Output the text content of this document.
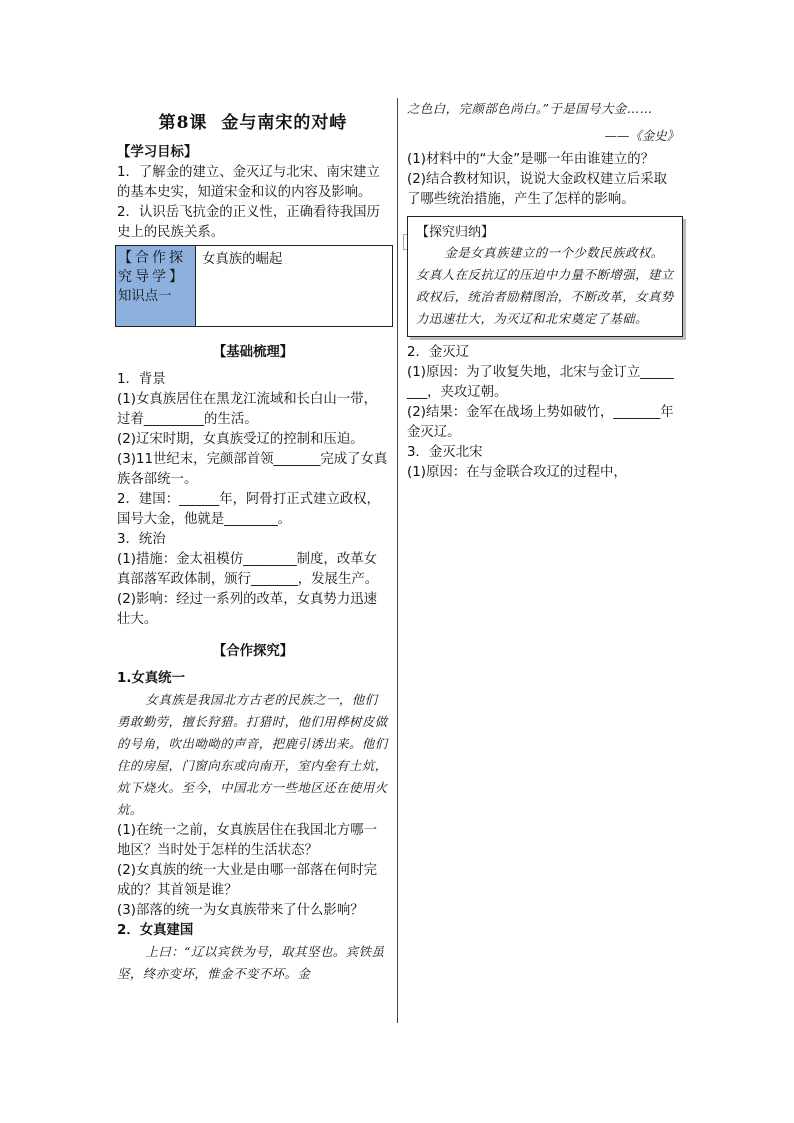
第8课 金与南宋的对峙

【学习目标】

1．了解金的建立、金灭辽与北宋、南宋建立的基本史实，知道宋金和议的内容及影响。

2．认识岳飞抗金的正义性，正确看待我国历史上的民族关系。

【合作探究导学】知识点一
女真族的崛起
【基础梳理】

1．背景

(1)女真族居住在黑龙江流域和长白山一带，过着_________的生活。

(2)辽宋时期，女真族受辽的控制和压迫。

(3)11世纪末，完颜部首领_______完成了女真族各部统一。

2．建国：______年，阿骨打正式建立政权，国号大金，他就是________。

3．统治

(1)措施：金太祖模仿________制度，改革女真部落军政体制，颁行_______，发展生产。

(2)影响：经过一系列的改革，女真势力迅速壮大。

【合作探究】

1.女真统一

女真族是我国北方古老的民族之一，他们勇敢勤劳，擅长狩猎。打猎时，他们用桦树皮做的号角，吹出呦呦的声音，把鹿引诱出来。他们住的房屋，门窗向东或向南开，室内垒有土炕，炕下烧火。至今，中国北方一些地区还在使用火炕。

(1)在统一之前，女真族居住在我国北方哪一地区？当时处于怎样的生活状态？

(2)女真族的统一大业是由哪一部落在何时完成的？其首领是谁？

(3)部落的统一为女真族带来了什么影响？

2．女真建国

上曰：“辽以宾铁为号，取其坚也。宾铁虽坚，终亦变坏，惟金不变不坏。金

之色白，完颜部色尚白。”于是国号大金……

——《金史》

(1)材料中的“大金”是哪一年由谁建立的？

(2)结合教材知识，说说大金政权建立后采取了哪些统治措施，产生了怎样的影响。

【探究归纳】

金是女真族建立的一个少数民族政权。女真人在反抗辽的压迫中力量不断增强，建立政权后，统治者励精图治，不断改革，女真势力迅速壮大，为灭辽和北宋奠定了基础。

2．金灭辽

(1)原因：为了收复失地，北宋与金订立________，夹攻辽朝。

(2)结果：金军在战场上势如破竹，_______年金灭辽。

3．金灭北宋

(1)原因：在与金联合攻辽的过程中，
